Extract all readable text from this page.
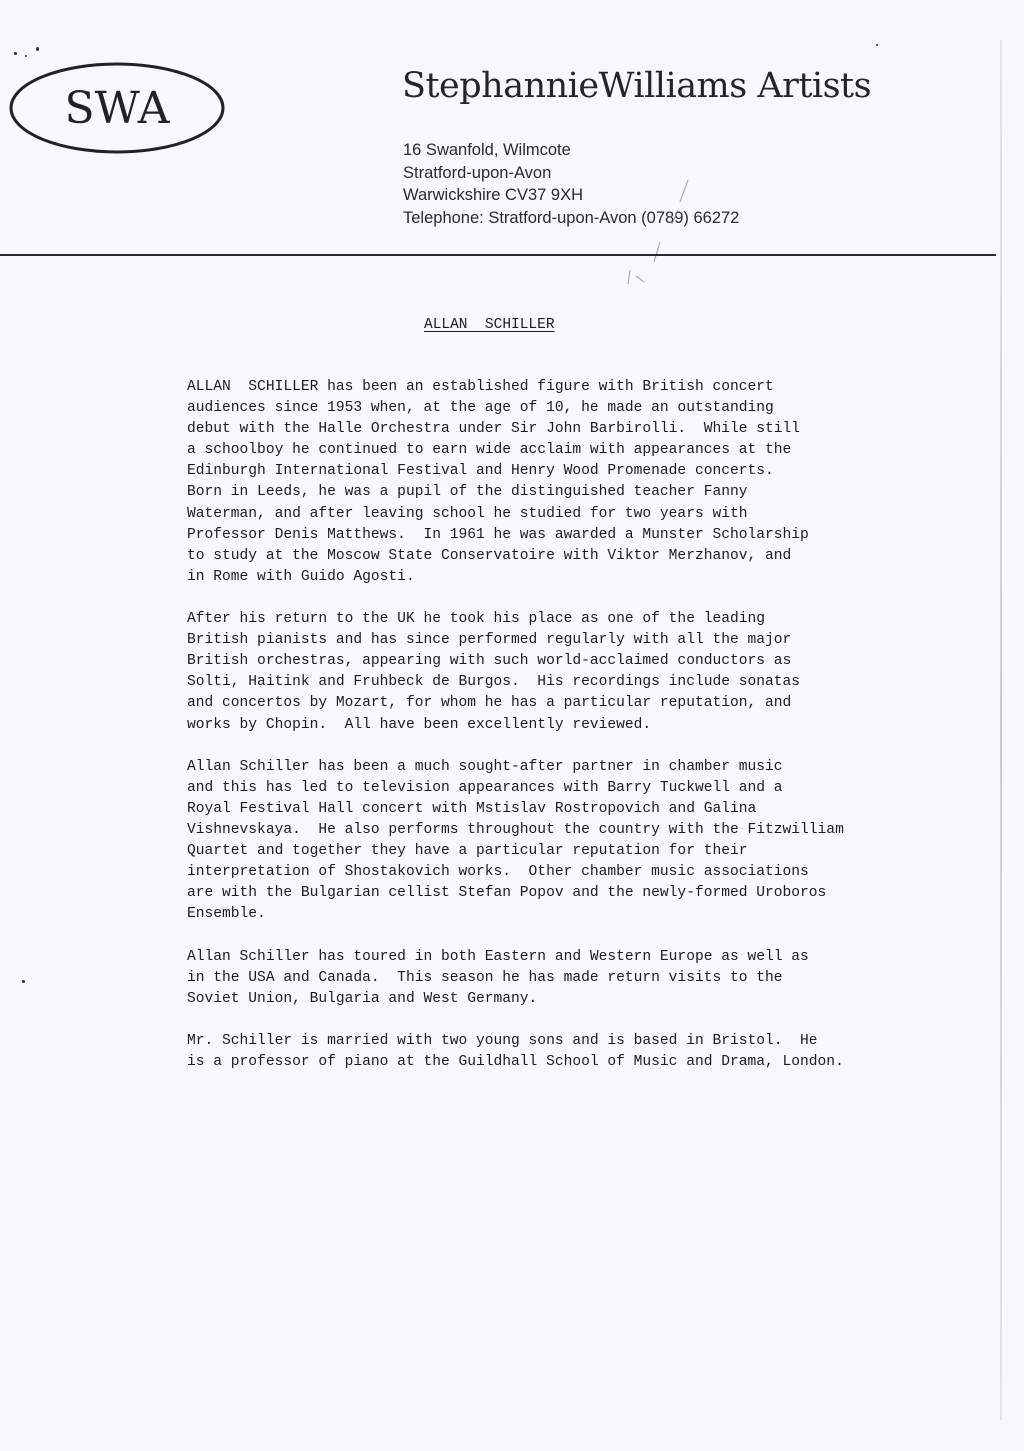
SWA	StephannieWilliams Artists
16 Swanfold, Wilmcote
Stratford-upon-Avon
Warwickshire CV37 9XH
Telephone: Stratford-upon-Avon (0789) 66272
ALLAN  SCHILLER
ALLAN  SCHILLER has been an established figure with British concert
audiences since 1953 when, at the age of 10, he made an outstanding
debut with the Halle Orchestra under Sir John Barbirolli.  While still
a schoolboy he continued to earn wide acclaim with appearances at the
Edinburgh International Festival and Henry Wood Promenade concerts.
Born in Leeds, he was a pupil of the distinguished teacher Fanny
Waterman, and after leaving school he studied for two years with
Professor Denis Matthews.  In 1961 he was awarded a Munster Scholarship
to study at the Moscow State Conservatoire with Viktor Merzhanov, and
in Rome with Guido Agosti.
After his return to the UK he took his place as one of the leading
British pianists and has since performed regularly with all the major
British orchestras, appearing with such world-acclaimed conductors as
Solti, Haitink and Fruhbeck de Burgos.  His recordings include sonatas
and concertos by Mozart, for whom he has a particular reputation, and
works by Chopin.  All have been excellently reviewed.
Allan Schiller has been a much sought-after partner in chamber music
and this has led to television appearances with Barry Tuckwell and a
Royal Festival Hall concert with Mstislav Rostropovich and Galina
Vishnevskaya.  He also performs throughout the country with the Fitzwilliam
Quartet and together they have a particular reputation for their
interpretation of Shostakovich works.  Other chamber music associations
are with the Bulgarian cellist Stefan Popov and the newly-formed Uroboros
Ensemble.
Allan Schiller has toured in both Eastern and Western Europe as well as
in the USA and Canada.  This season he has made return visits to the
Soviet Union, Bulgaria and West Germany.
Mr. Schiller is married with two young sons and is based in Bristol.  He
is a professor of piano at the Guildhall School of Music and Drama, London.
